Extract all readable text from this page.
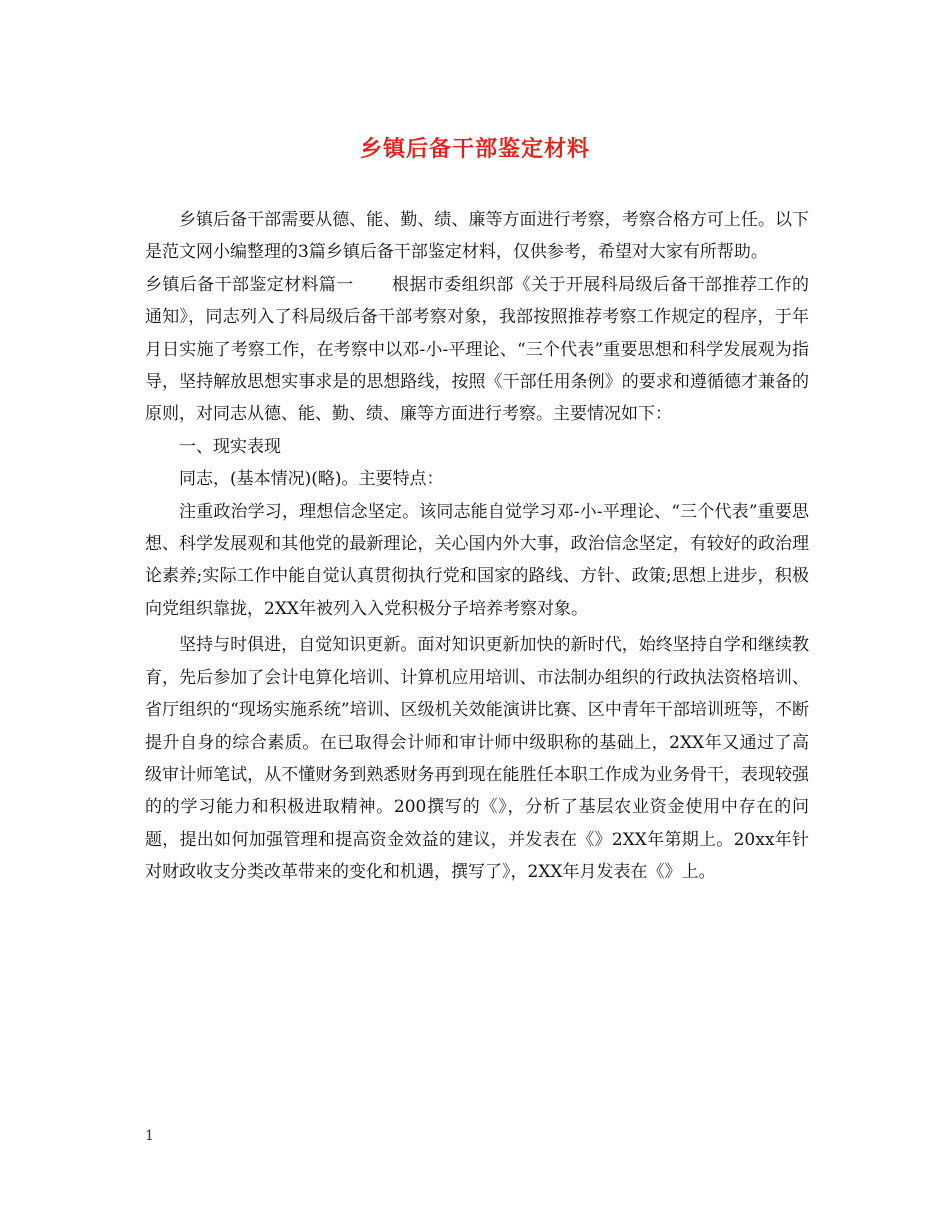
乡镇后备干部鉴定材料

乡镇后备干部需要从德、能、勤、绩、廉等方面进行考察，考察合格方可上任。以下是范文网小编整理的3篇乡镇后备干部鉴定材料，仅供参考，希望对大家有所帮助。

乡镇后备干部鉴定材料篇一 根据市委组织部《关于开展科局级后备干部推荐工作的通知》，同志列入了科局级后备干部考察对象，我部按照推荐考察工作规定的程序，于年月日实施了考察工作，在考察中以邓-小-平理论、“三个代表”重要思想和科学发展观为指导，坚持解放思想实事求是的思想路线，按照《干部任用条例》的要求和遵循德才兼备的原则，对同志从德、能、勤、绩、廉等方面进行考察。主要情况如下：

一、现实表现

同志，(基本情况)(略)。主要特点：

注重政治学习，理想信念坚定。该同志能自觉学习邓-小-平理论、“三个代表”重要思想、科学发展观和其他党的最新理论，关心国内外大事，政治信念坚定，有较好的政治理论素养;实际工作中能自觉认真贯彻执行党和国家的路线、方针、政策;思想上进步，积极向党组织靠拢，2XX年被列入入党积极分子培养考察对象。

坚持与时俱进，自觉知识更新。面对知识更新加快的新时代，始终坚持自学和继续教育，先后参加了会计电算化培训、计算机应用培训、市法制办组织的行政执法资格培训、省厅组织的“现场实施系统”培训、区级机关效能演讲比赛、区中青年干部培训班等，不断提升自身的综合素质。在已取得会计师和审计师中级职称的基础上，2XX年又通过了高级审计师笔试，从不懂财务到熟悉财务再到现在能胜任本职工作成为业务骨干，表现较强的的学习能力和积极进取精神。200撰写的《》，分析了基层农业资金使用中存在的问题，提出如何加强管理和提高资金效益的建议，并发表在《》2XX年第期上。20xx年针对财政收支分类改革带来的变化和机遇，撰写了》，2XX年月发表在《》上。

1
